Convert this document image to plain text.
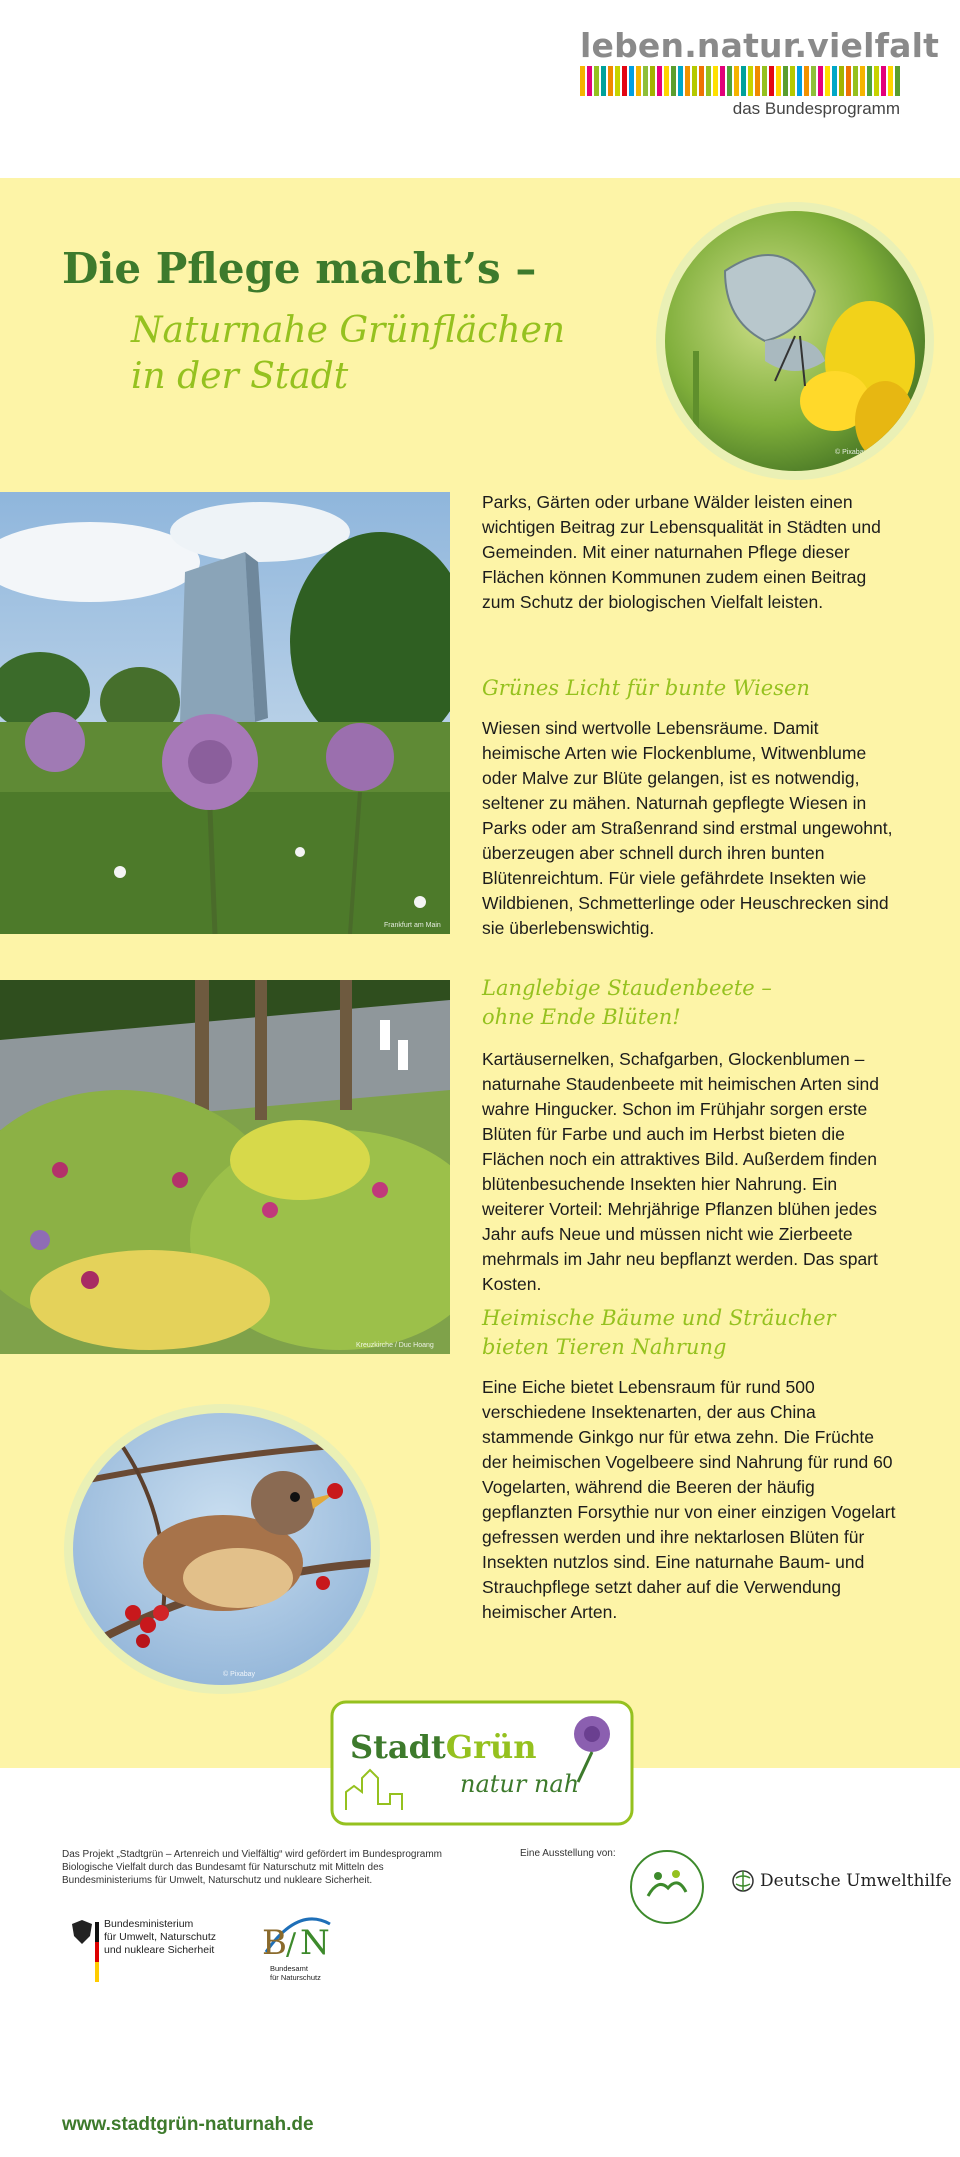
leben.natur.vielfalt
das Bundesprogramm
Die Pflege macht’s –
Naturnahe Grünflächen
in der Stadt
© Pixabay
Frankfurt am Main
Kreuzkirche / Duc Hoang
© Pixabay
Parks, Gärten oder urbane Wälder leisten einen wichtigen Beitrag zur Lebensqualität in Städten und Gemeinden. Mit einer naturnahen Pflege dieser Flächen können Kommunen zudem einen Beitrag zum Schutz der biologischen Vielfalt leisten.
Grünes Licht für bunte Wiesen
Wiesen sind wertvolle Lebensräume. Damit heimische Arten wie Flockenblume, Witwenblume oder Malve zur Blüte gelangen, ist es notwendig, seltener zu mähen. Naturnah gepflegte Wiesen in Parks oder am Straßenrand sind erstmal ungewohnt, überzeugen aber schnell durch ihren bunten Blütenreichtum. Für viele gefährdete Insekten wie Wildbienen, Schmetterlinge oder Heuschrecken sind sie überlebenswichtig.
Langlebige Staudenbeete –
ohne Ende Blüten!
Kartäusernelken, Schafgarben, Glockenblumen – naturnahe Staudenbeete mit heimischen Arten sind wahre Hingucker. Schon im Frühjahr sorgen erste Blüten für Farbe und auch im Herbst bieten die Flächen noch ein attraktives Bild. Außerdem finden blütenbesuchende Insekten hier Nahrung. Ein weiterer Vorteil: Mehrjährige Pflanzen blühen jedes Jahr aufs Neue und müssen nicht wie Zierbeete mehrmals im Jahr neu bepflanzt werden. Das spart Kosten.
Heimische Bäume und Sträucher
bieten Tieren Nahrung
Eine Eiche bietet Lebensraum für rund 500 verschiedene Insektenarten, der aus China stammende Ginkgo nur für etwa zehn. Die Früchte der heimischen Vogelbeere sind Nahrung für rund 60 Vogelarten, während die Beeren der häufig gepflanzten Forsythie nur von einer einzigen Vogelart gefressen werden und ihre nektarlosen Blüten für Insekten nutzlos sind. Eine naturnahe Baum- und Strauchpflege setzt daher auf die Verwendung heimischer Arten.
StadtGrün
natur nah
Das Projekt „Stadtgrün – Artenreich und Vielfältig“ wird gefördert im Bundesprogramm Biologische Vielfalt durch das Bundesamt für Naturschutz mit Mitteln des Bundesministeriums für Umwelt, Naturschutz und nukleare Sicherheit.
Eine Ausstellung von:
Bundesministerium
für Umwelt, Naturschutz
und nukleare Sicherheit B / N
Bundesamt
für Naturschutz
Deutsche Umwelthilfe
www.stadtgrün-naturnah.de
